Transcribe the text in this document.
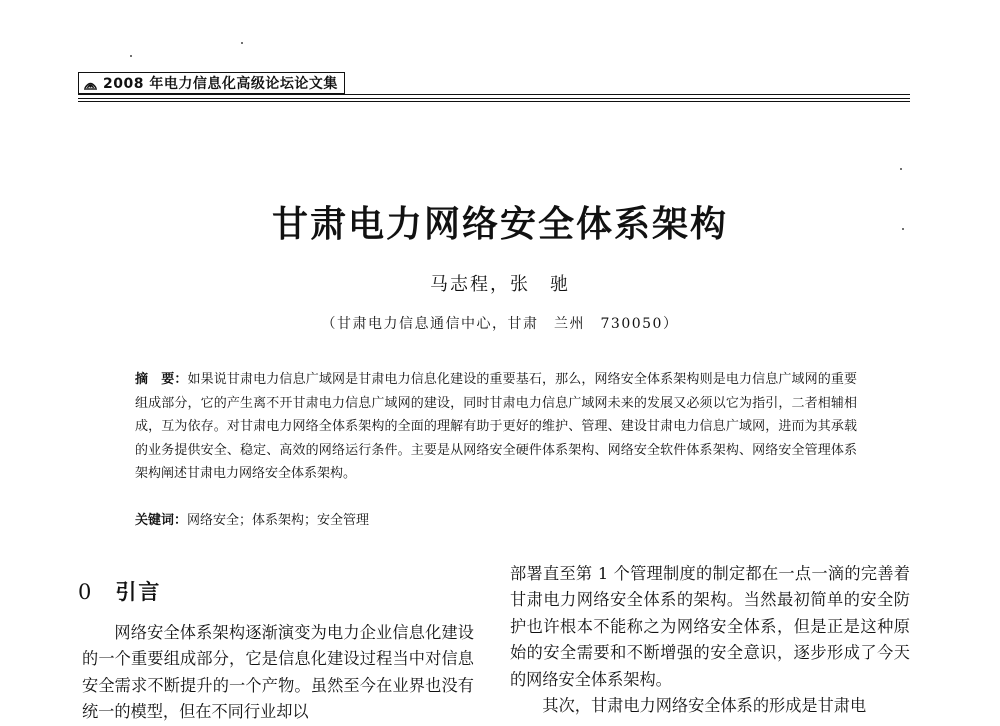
2008 年电力信息化高级论坛论文集
甘肃电力网络安全体系架构
马志程，张　驰
（甘肃电力信息通信中心，甘肃　兰州　730050）
摘　要：如果说甘肃电力信息广域网是甘肃电力信息化建设的重要基石，那么，网络安全体系架构则是电力信息广域网的重要组成部分，它的产生离不开甘肃电力信息广域网的建设，同时甘肃电力信息广域网未来的发展又必须以它为指引，二者相辅相成，互为依存。对甘肃电力网络全体系架构的全面的理解有助于更好的维护、管理、建设甘肃电力信息广域网，进而为其承载的业务提供安全、稳定、高效的网络运行条件。主要是从网络安全硬件体系架构、网络安全软件体系架构、网络安全管理体系架构阐述甘肃电力网络安全体系架构。
关键词：网络安全；体系架构；安全管理
0 引言
网络安全体系架构逐渐演变为电力企业信息化建设的一个重要组成部分，它是信息化建设过程当中对信息安全需求不断提升的一个产物。虽然至今在业界也没有统一的模型，但在不同行业却以
部署直至第 1 个管理制度的制定都在一点一滴的完善着甘肃电力网络安全体系的架构。当然最初简单的安全防护也许根本不能称之为网络安全体系，但是正是这种原始的安全需要和不断增强的安全意识，逐步形成了今天的网络安全体系架构。
其次，甘肃电力网络安全体系的形成是甘肃电
